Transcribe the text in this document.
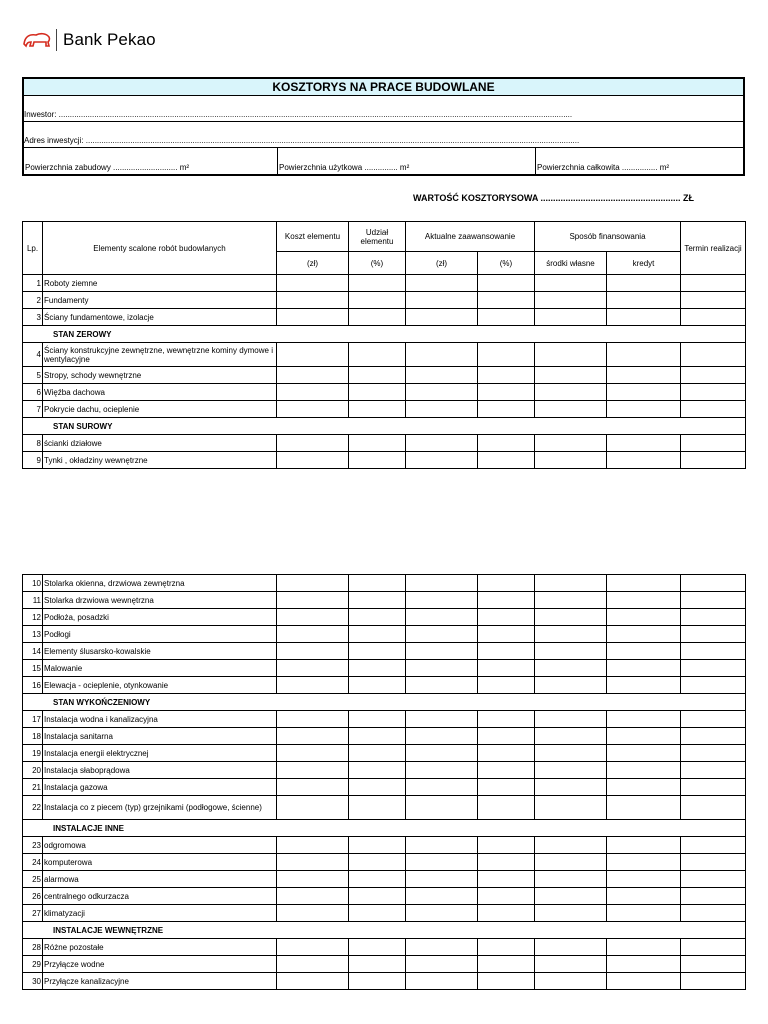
Bank Pekao
KOSZTORYS NA PRACE BUDOWLANE
Inwestor: .......................................................................................................................................................................................................................................
Adres inwestycji: ..............................................................................................................................................................................................................................
Powierzchnia zabudowy ............................. m²	Powierzchnia użytkowa ............... m²	Powierzchnia całkowita ................ m²
WARTOŚĆ KOSZTORYSOWA ........................................................ ZŁ
Lp.	Elementy scalone robót budowlanych	Koszt elementu	Udział elementu	Aktualne zaawansowanie		Sposób finansowania		Termin realizacji
		(zł)	(%)	(zł)	(%)	środki własne	kredyt	
1	Roboty ziemne							
2	Fundamenty							
3	Ściany fundamentowe, izolacje							
STAN ZEROWY								
4	Ściany konstrukcyjne zewnętrzne, wewnętrzne kominy dymowe i wentylacyjne							
5	Stropy, schody wewnętrzne							
6	Więźba dachowa							
7	Pokrycie dachu, ocieplenie							
STAN SUROWY								
8	ścianki działowe							
9	Tynki , okładziny wewnętrzne							
10	Stolarka okienna, drzwiowa zewnętrzna							
11	Stolarka drzwiowa wewnętrzna							
12	Podłoża, posadzki							
13	Podłogi							
14	Elementy ślusarsko-kowalskie							
15	Malowanie							
16	Elewacja - ocieplenie, otynkowanie							
STAN WYKOŃCZENIOWY								
17	Instalacja wodna i kanalizacyjna							
18	Instalacja sanitarna							
19	Instalacja energii elektrycznej							
20	Instalacja słaboprądowa							
21	Instalacja gazowa							
22	Instalacja co z piecem (typ) grzejnikami (podłogowe, ścienne)							
INSTALACJE INNE								
23	odgromowa							
24	komputerowa							
25	alarmowa							
26	centralnego odkurzacza							
27	klimatyzacji							
INSTALACJE WEWNĘTRZNE								
28	Różne pozostałe							
29	Przyłącze wodne							
30	Przyłącze kanalizacyjne							
